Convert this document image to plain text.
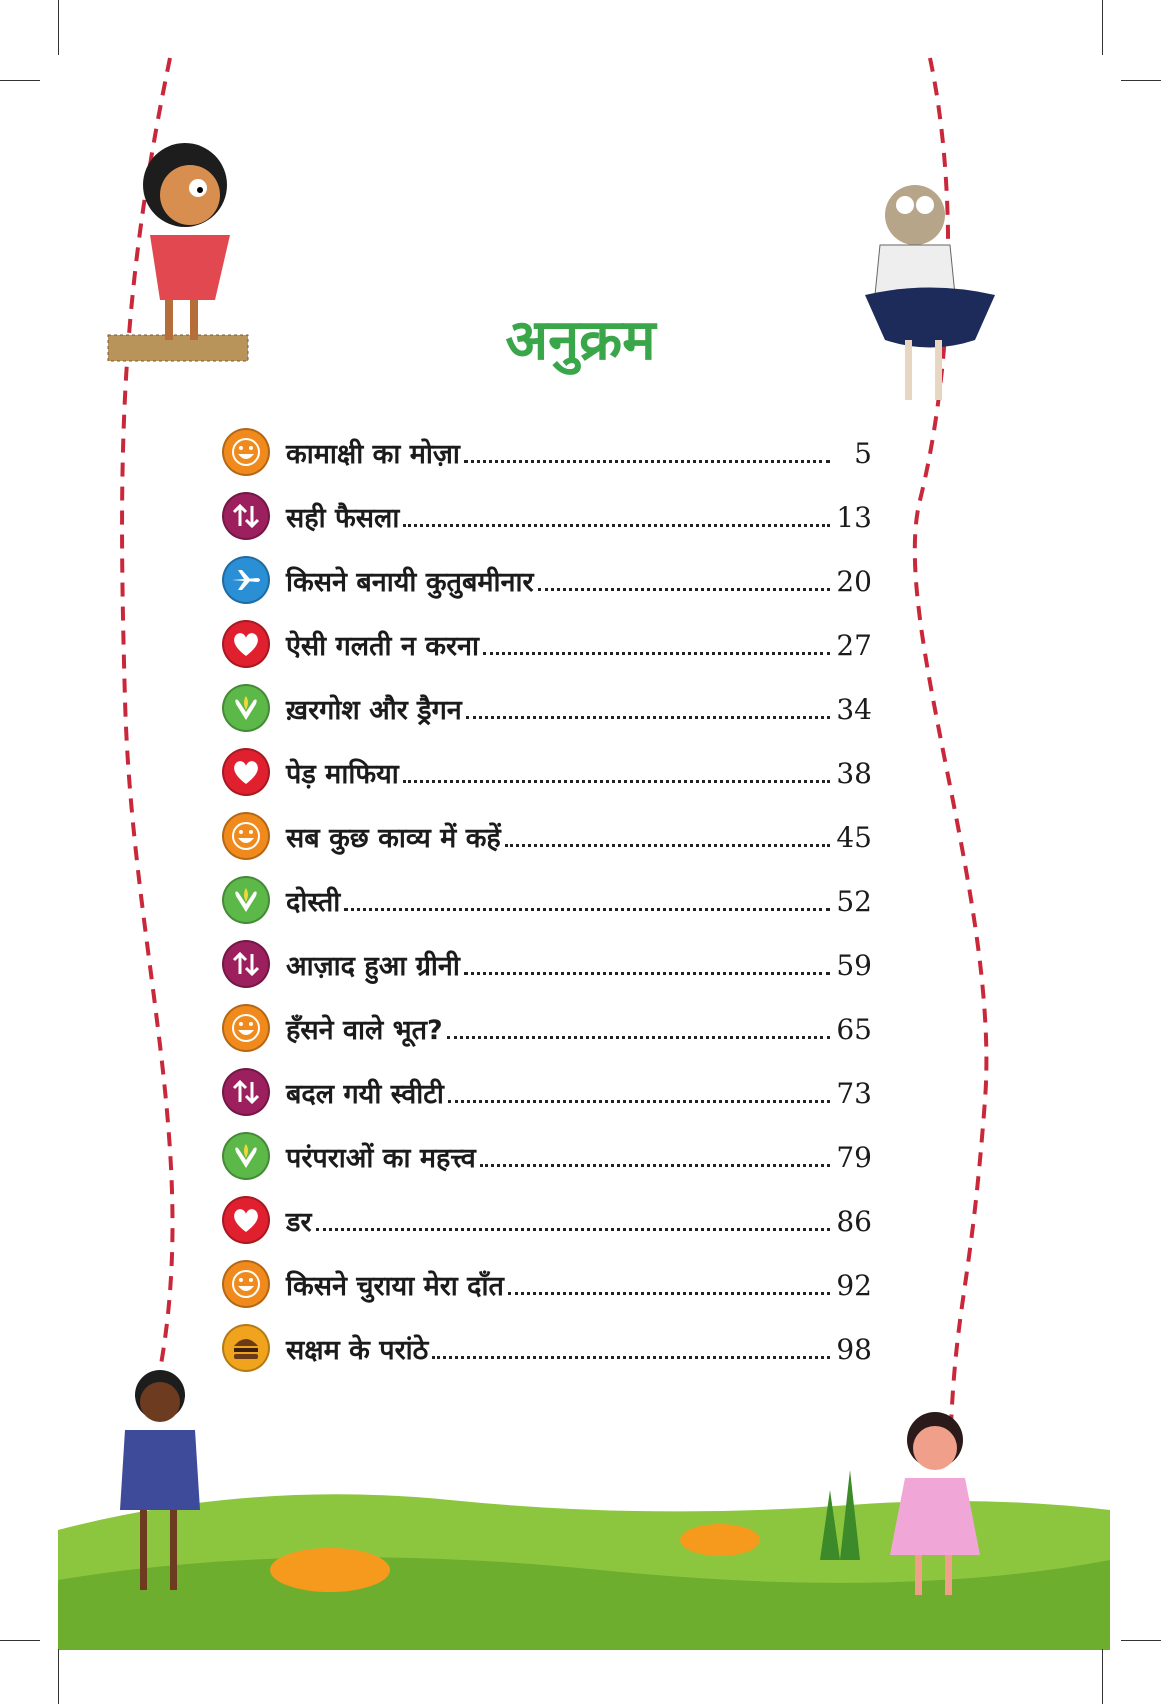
अनुक्रम
कामाक्षी का मोज़ा	5
सही फैसला	13
किसने बनायी कुतुबमीनार	20
ऐसी गलती न करना	27
ख़रगोश और ड्रैगन	34
पेड़ माफिया	38
सब कुछ काव्य में कहें	45
दोस्ती	52
आज़ाद हुआ ग्रीनी	59
हँसने वाले भूत?	65
बदल गयी स्वीटी	73
परंपराओं का महत्त्व	79
डर	86
किसने चुराया मेरा दाँत	92
सक्षम के परांठे	98
